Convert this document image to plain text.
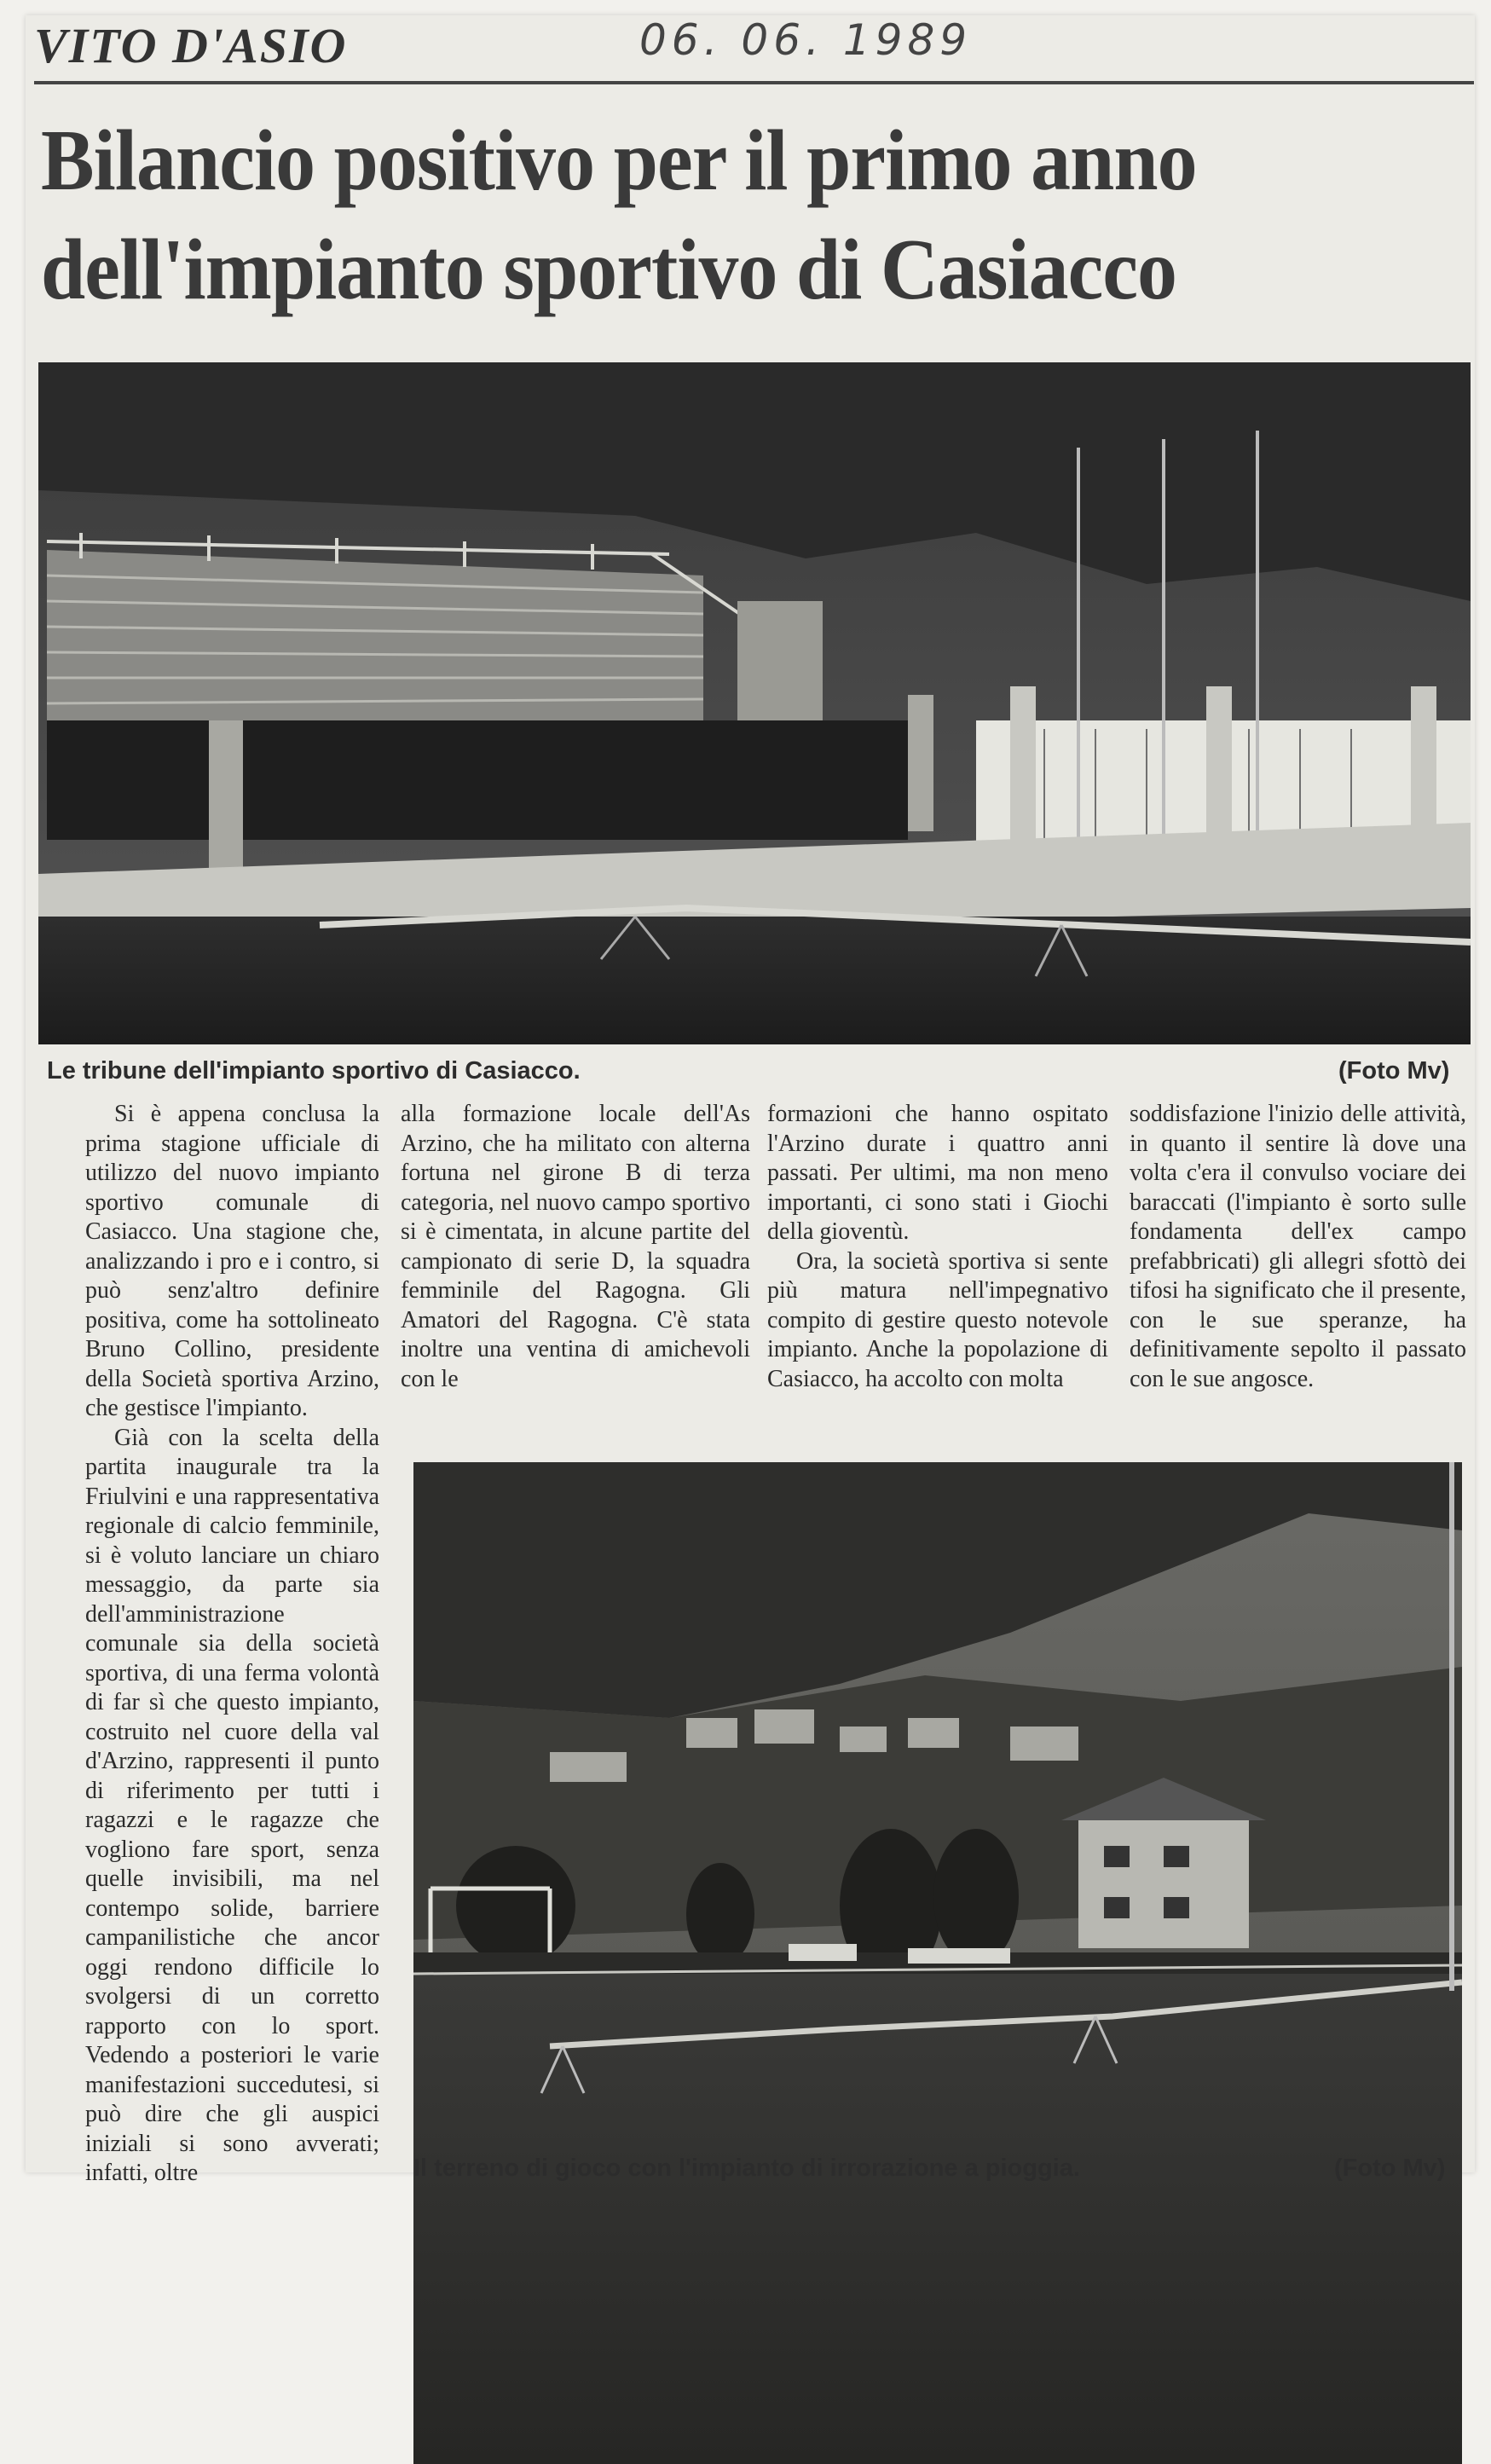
VITO D'ASIO	06. 06. 1989
Bilancio positivo per il primo anno
dell'impianto sportivo di Casiacco
Le tribune dell'impianto sportivo di Casiacco.	(Foto Mv)

Si è appena conclusa la prima stagione ufficiale di utilizzo del nuovo impianto sportivo comunale di Casiacco. Una stagione che, analizzando i pro e i contro, si può senz'altro definire positiva, come ha sottolineato Bruno Collino, presidente della Società sportiva Arzino, che gestisce l'impianto.

Già con la scelta della partita inaugurale tra la Friulvini e una rappresentativa regionale di calcio femminile, si è voluto lanciare un chiaro messaggio, da parte sia dell'amministrazione comunale sia della società sportiva, di una ferma volontà di far sì che questo impianto, costruito nel cuore della val d'Arzino, rappresenti il punto di riferimento per tutti i ragazzi e le ragazze che vogliono fare sport, senza quelle invisibili, ma nel contempo solide, barriere campanilistiche che ancor oggi rendono difficile lo svolgersi di un corretto rapporto con lo sport. Vedendo a posteriori le varie manifestazioni succedutesi, si può dire che gli auspici iniziali si sono avverati; infatti, oltre

alla formazione locale dell'As Arzino, che ha militato con alterna fortuna nel girone B di terza categoria, nel nuovo campo sportivo si è cimentata, in alcune partite del campionato di serie D, la squadra femminile del Ragogna. Gli Amatori del Ragogna. C'è stata inoltre una ventina di amichevoli con le

formazioni che hanno ospitato l'Arzino durate i quattro anni passati. Per ultimi, ma non meno importanti, ci sono stati i Giochi della gioventù.

Ora, la società sportiva si sente più matura nell'impegnativo compito di gestire questo notevole impianto. Anche la popolazione di Casiacco, ha accolto con molta

soddisfazione l'inizio delle attività, in quanto il sentire là dove una volta c'era il convulso vociare dei baraccati (l'impianto è sorto sulle fondamenta dell'ex campo prefabbricati) gli allegri sfottò dei tifosi ha significato che il presente, con le sue speranze, ha definitivamente sepolto il passato con le sue angosce.

Il terreno di gioco con l'impianto di irrorazione a pioggia.	(Foto Mv)
